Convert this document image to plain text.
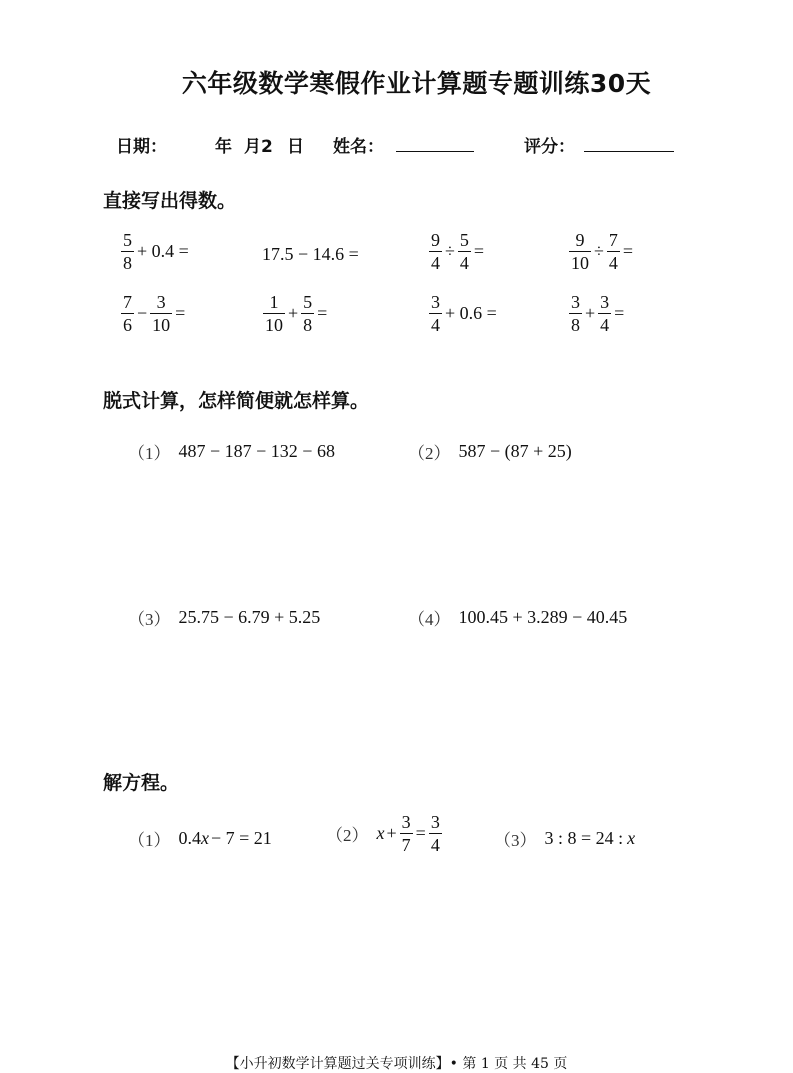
六年级数学寒假作业计算题专题训练30天
日期：	年 月2 日 姓名：	评分：
直接写出得数。
$\frac{5}{8} + 0.4$ =	17.5 − 14.6 =	$\frac{9}{4} \div \frac{5}{4}$ =	$\frac{9}{10} \div \frac{7}{4}$ =
$\frac{7}{6} - \frac{3}{10}$ =	$\frac{1}{10} + \frac{5}{8}$ =	$\frac{3}{4} + 0.6$ =	$\frac{3}{8} + \frac{3}{4}$ =
脱式计算，怎样简便就怎样算。
（1） 487 − 187 − 132 − 68	（2） 587 − (87 + 25)
（3） 25.75 − 6.79 + 5.25	（4） 100.45 + 3.289 − 40.45
解方程。
（1） 0.4 x − 7 = 21	（2） $x + \frac{3}{7} = \frac{3}{4}$	（3） 3 : 8 = 24 : x
【小升初数学计算题过关专项训练】• 第 1 页 共 45 页
